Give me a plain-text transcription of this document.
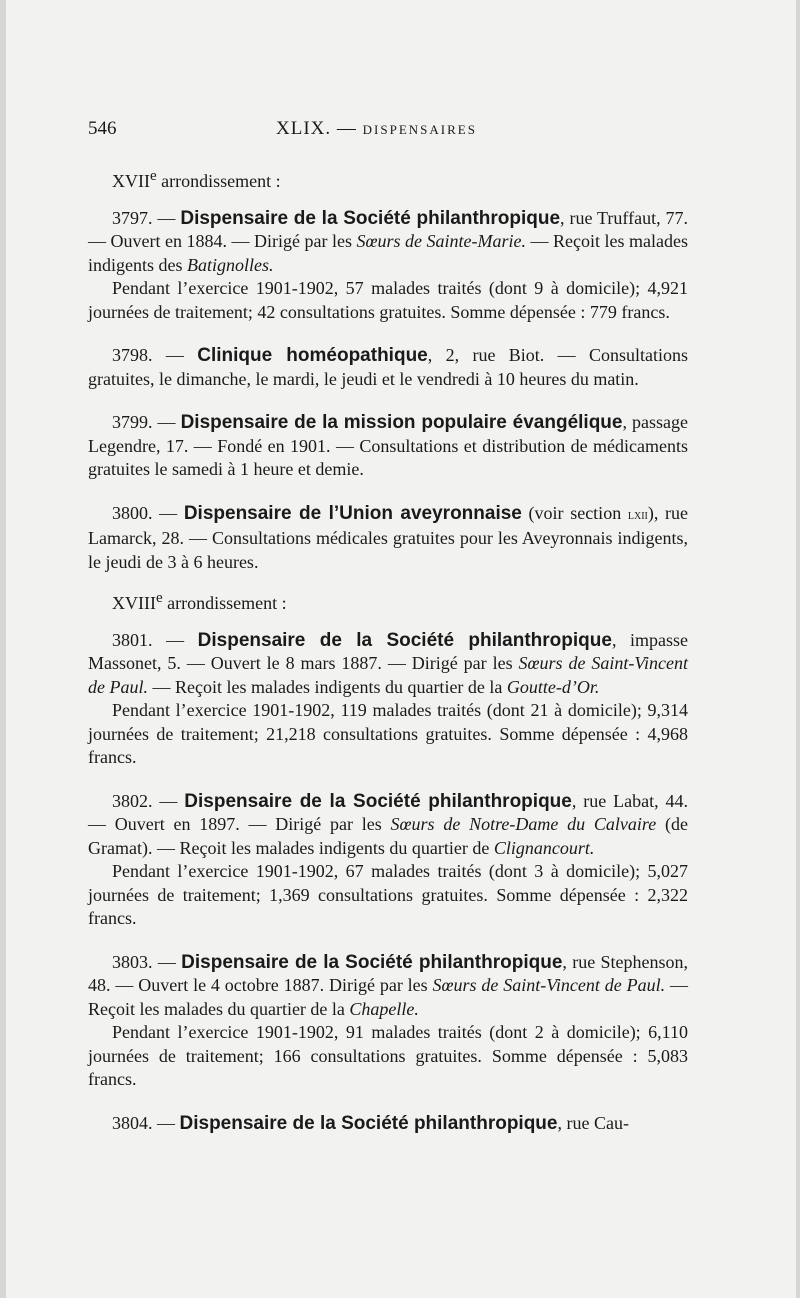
546	XLIX. — DISPENSAIRES

XVIIe arrondissement :

3797. — Dispensaire de la Société philanthropique, rue Truffaut, 77. — Ouvert en 1884. — Dirigé par les Sœurs de Sainte-Marie. — Reçoit les malades indigents des Batignolles.

Pendant l’exercice 1901-1902, 57 malades traités (dont 9 à domicile); 4,921 journées de traitement; 42 consultations gratuites. Somme dépensée : 779 francs.

3798. — Clinique homéopathique, 2, rue Biot. — Consultations gratuites, le dimanche, le mardi, le jeudi et le vendredi à 10 heures du matin.

3799. — Dispensaire de la mission populaire évangélique, passage Legendre, 17. — Fondé en 1901. — Consultations et distribution de médicaments gratuites le samedi à 1 heure et demie.

3800. — Dispensaire de l’Union aveyronnaise (voir section lxii), rue Lamarck, 28. — Consultations médicales gratuites pour les Aveyronnais indigents, le jeudi de 3 à 6 heures.

XVIIIe arrondissement :

3801. — Dispensaire de la Société philanthropique, impasse Massonet, 5. — Ouvert le 8 mars 1887. — Dirigé par les Sœurs de Saint-Vincent de Paul. — Reçoit les malades indigents du quartier de la Goutte-d’Or.

Pendant l’exercice 1901-1902, 119 malades traités (dont 21 à domicile); 9,314 journées de traitement; 21,218 consultations gratuites. Somme dépensée : 4,968 francs.

3802. — Dispensaire de la Société philanthropique, rue Labat, 44. — Ouvert en 1897. — Dirigé par les Sœurs de Notre-Dame du Calvaire (de Gramat). — Reçoit les malades indigents du quartier de Clignancourt.

Pendant l’exercice 1901-1902, 67 malades traités (dont 3 à domicile); 5,027 journées de traitement; 1,369 consultations gratuites. Somme dépensée : 2,322 francs.

3803. — Dispensaire de la Société philanthropique, rue Stephenson, 48. — Ouvert le 4 octobre 1887. Dirigé par les Sœurs de Saint-Vincent de Paul. — Reçoit les malades du quartier de la Chapelle.

Pendant l’exercice 1901-1902, 91 malades traités (dont 2 à domicile); 6,110 journées de traitement; 166 consultations gratuites. Somme dépensée : 5,083 francs.

3804. — Dispensaire de la Société philanthropique, rue Cau-
